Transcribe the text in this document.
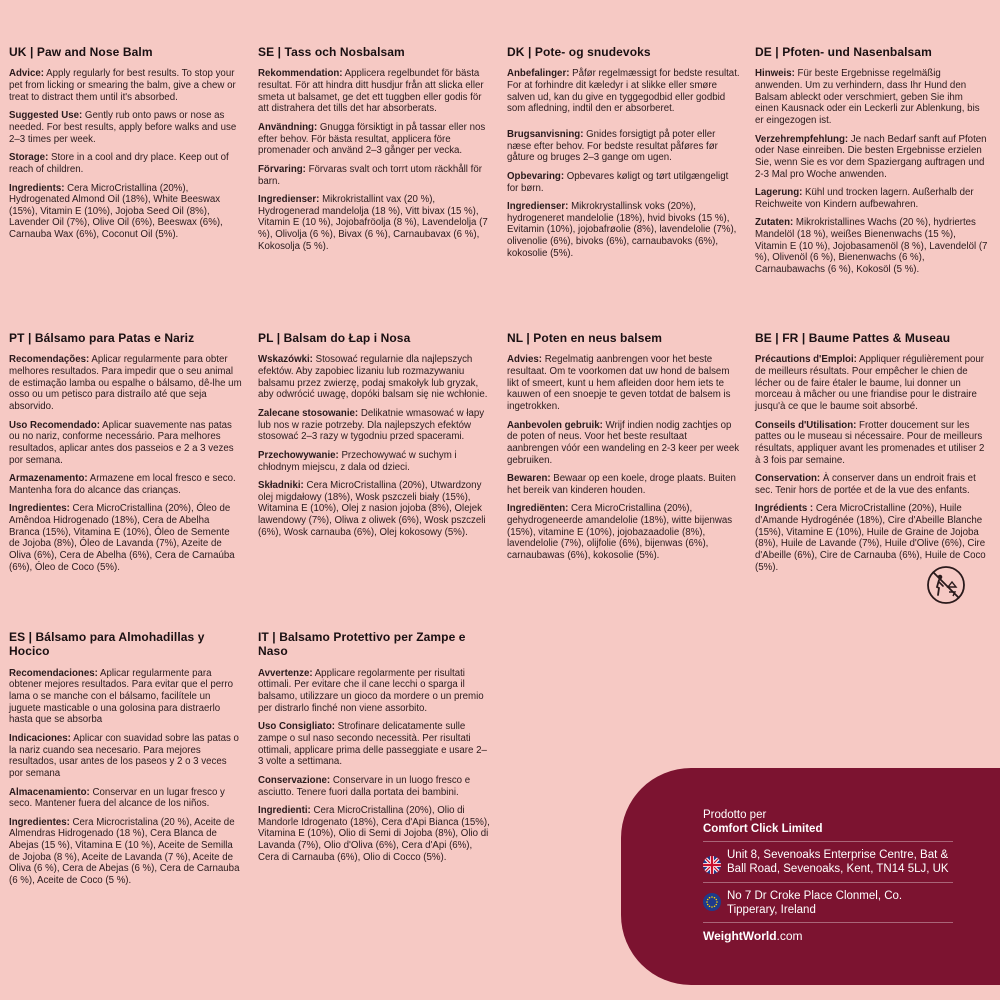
UK | Paw and Nose Balm

Advice: Apply regularly for best results. To stop your pet from licking or smearing the balm, give a chew or treat to distract them until it's absorbed.

Suggested Use: Gently rub onto paws or nose as needed. For best results, apply before walks and use 2–3 times per week.

Storage: Store in a cool and dry place. Keep out of reach of children.

Ingredients: Cera MicroCristallina (20%), Hydrogenated Almond Oil (18%), White Beeswax (15%), Vitamin E (10%), Jojoba Seed Oil (8%), Lavender Oil (7%), Olive Oil (6%), Beeswax (6%), Carnauba Wax (6%), Coconut Oil (5%).

SE | Tass och Nosbalsam

Rekommendation: Applicera regelbundet för bästa resultat. För att hindra ditt husdjur från att slicka eller smeta ut balsamet, ge det ett tuggben eller godis för att distrahera det tills det har absorberats.

Användning: Gnugga försiktigt in på tassar eller nos efter behov. För bästa resultat, applicera före promenader och använd 2–3 gånger per vecka.

Förvaring: Förvaras svalt och torrt utom räckhåll för barn.

Ingredienser: Mikrokristallint vax (20 %), Hydrogenerad mandelolja (18 %), Vitt bivax (15 %), Vitamin E (10 %), Jojobafröolja (8 %), Lavendelolja (7 %), Olivolja (6 %), Bivax (6 %), Carnaubavax (6 %), Kokosolja (5 %).

DK | Pote- og snudevoks

Anbefalinger: Påfør regelmæssigt for bedste resultat. For at forhindre dit kæledyr i at slikke eller smøre salven ud, kan du give en tyggegodbid eller godbid som afledning, indtil den er absorberet.

Brugsanvisning: Gnides forsigtigt på poter eller næse efter behov. For bedste resultat påføres før gåture og bruges 2–3 gange om ugen.

Opbevaring: Opbevares køligt og tørt utilgængeligt for børn.

Ingredienser: Mikrokrystallinsk voks (20%), hydrogeneret mandelolie (18%), hvid bivoks (15 %), Evitamin (10%), jojobafrøolie (8%), lavendelolie (7%), olivenolie (6%), bivoks (6%), carnaubavoks (6%), kokosolie (5%).

DE | Pfoten- und Nasenbalsam

Hinweis: Für beste Ergebnisse regelmäßig anwenden. Um zu verhindern, dass Ihr Hund den Balsam ableckt oder verschmiert, geben Sie ihm einen Kausnack oder ein Leckerli zur Ablenkung, bis er eingezogen ist.

Verzehrempfehlung: Je nach Bedarf sanft auf Pfoten oder Nase einreiben. Die besten Ergebnisse erzielen Sie, wenn Sie es vor dem Spaziergang auftragen und 2-3 Mal pro Woche anwenden.

Lagerung: Kühl und trocken lagern. Außerhalb der Reichweite von Kindern aufbewahren.

Zutaten: Mikrokristallines Wachs (20 %), hydriertes Mandelöl (18 %), weißes Bienenwachs (15 %), Vitamin E (10 %), Jojobasamenöl (8 %), Lavendelöl (7 %), Olivenöl (6 %), Bienenwachs (6 %), Carnaubawachs (6 %), Kokosöl (5 %).

PT | Bálsamo para Patas e Nariz

Recomendações: Aplicar regularmente para obter melhores resultados. Para impedir que o seu animal de estimação lamba ou espalhe o bálsamo, dê-lhe um osso ou um petisco para distraílo até que seja absorvido.

Uso Recomendado: Aplicar suavemente nas patas ou no nariz, conforme necessário. Para melhores resultados, aplicar antes dos passeios e 2 a 3 vezes por semana.

Armazenamento: Armazene em local fresco e seco. Mantenha fora do alcance das crianças.

Ingredientes: Cera MicroCristallina (20%), Óleo de Amêndoa Hidrogenado (18%), Cera de Abelha Branca (15%), Vitamina E (10%), Óleo de Semente de Jojoba (8%), Óleo de Lavanda (7%), Azeite de Oliva (6%), Cera de Abelha (6%), Cera de Carnaúba (6%), Óleo de Coco (5%).

PL | Balsam do Łap i Nosa

Wskazówki: Stosować regularnie dla najlepszych efektów. Aby zapobiec lizaniu lub rozmazywaniu balsamu przez zwierzę, podaj smakołyk lub gryzak, aby odwrócić uwagę, dopóki balsam się nie wchłonie.

Zalecane stosowanie: Delikatnie wmasować w łapy lub nos w razie potrzeby. Dla najlepszych efektów stosować 2–3 razy w tygodniu przed spacerami.

Przechowywanie: Przechowywać w suchym i chłodnym miejscu, z dala od dzieci.

Składniki: Cera MicroCristallina (20%), Utwardzony olej migdałowy (18%), Wosk pszczeli biały (15%), Witamina E (10%), Olej z nasion jojoba (8%), Olejek lawendowy (7%), Oliwa z oliwek (6%), Wosk pszczeli (6%), Wosk carnauba (6%), Olej kokosowy (5%).

NL | Poten en neus balsem

Advies: Regelmatig aanbrengen voor het beste resultaat. Om te voorkomen dat uw hond de balsem likt of smeert, kunt u hem afleiden door hem iets te kauwen of een snoepje te geven totdat de balsem is ingetrokken.

Aanbevolen gebruik: Wrijf indien nodig zachtjes op de poten of neus. Voor het beste resultaat aanbrengen vóór een wandeling en 2-3 keer per week gebruiken.

Bewaren: Bewaar op een koele, droge plaats. Buiten het bereik van kinderen houden.

Ingrediënten: Cera MicroCristallina (20%), gehydrogeneerde amandelolie (18%), witte bijenwas (15%), vitamine E (10%), jojobazaadolie (8%), lavendelolie (7%), olijfolie (6%), bijenwas (6%), carnaubawas (6%), kokosolie (5%).

BE | FR | Baume Pattes & Museau

Précautions d'Emploi: Appliquer régulièrement pour de meilleurs résultats. Pour empêcher le chien de lécher ou de faire étaler le baume, lui donner un morceau à mâcher ou une friandise pour le distraire jusqu'à ce que le baume soit absorbé.

Conseils d'Utilisation: Frotter doucement sur les pattes ou le museau si nécessaire. Pour de meilleurs résultats, appliquer avant les promenades et utiliser 2 à 3 fois par semaine.

Conservation: À conserver dans un endroit frais et sec. Tenir hors de portée et de la vue des enfants.

Ingrédients : Cera MicroCristalline (20%), Huile d'Amande Hydrogénée (18%), Cire d'Abeille Blanche (15%), Vitamine E (10%), Huile de Graine de Jojoba (8%), Huile de Lavande (7%), Huile d'Olive (6%), Cire d'Abeille (6%), Cire de Carnauba (6%), Huile de Coco (5%).

ES | Bálsamo para Almohadillas y Hocico

Recomendaciones: Aplicar regularmente para obtener mejores resultados. Para evitar que el perro lama o se manche con el bálsamo, facilítele un juguete masticable o una golosina para distraerlo hasta que se absorba

Indicaciones: Aplicar con suavidad sobre las patas o la nariz cuando sea necesario. Para mejores resultados, usar antes de los paseos y 2 o 3 veces por semana

Almacenamiento: Conservar en un lugar fresco y seco. Mantener fuera del alcance de los niños.

Ingredientes: Cera Microcristalina (20 %), Aceite de Almendras Hidrogenado (18 %), Cera Blanca de Abejas (15 %), Vitamina E (10 %), Aceite de Semilla de Jojoba (8 %), Aceite de Lavanda (7 %), Aceite de Oliva (6 %), Cera de Abejas (6 %), Cera de Carnauba (6 %), Aceite de Coco (5 %).

IT | Balsamo Protettivo per Zampe e Naso

Avvertenze: Applicare regolarmente per risultati ottimali. Per evitare che il cane lecchi o sparga il balsamo, utilizzare un gioco da mordere o un premio per distrarlo finché non viene assorbito.

Uso Consigliato: Strofinare delicatamente sulle zampe o sul naso secondo necessità. Per risultati ottimali, applicare prima delle passeggiate e usare 2–3 volte a settimana.

Conservazione: Conservare in un luogo fresco e asciutto. Tenere fuori dalla portata dei bambini.

Ingredienti: Cera MicroCristallina (20%), Olio di Mandorle Idrogenato (18%), Cera d'Api Bianca (15%), Vitamina E (10%), Olio di Semi di Jojoba (8%), Olio di Lavanda (7%), Olio d'Oliva (6%), Cera d'Api (6%), Cera di Carnauba (6%), Olio di Cocco (5%).

Prodotto per
Comfort Click Limited
Unit 8, Sevenoaks Enterprise Centre, Bat & Ball Road, Sevenoaks, Kent, TN14 5LJ, UK
No 7 Dr Croke Place Clonmel, Co. Tipperary, Ireland
WeightWorld.com
